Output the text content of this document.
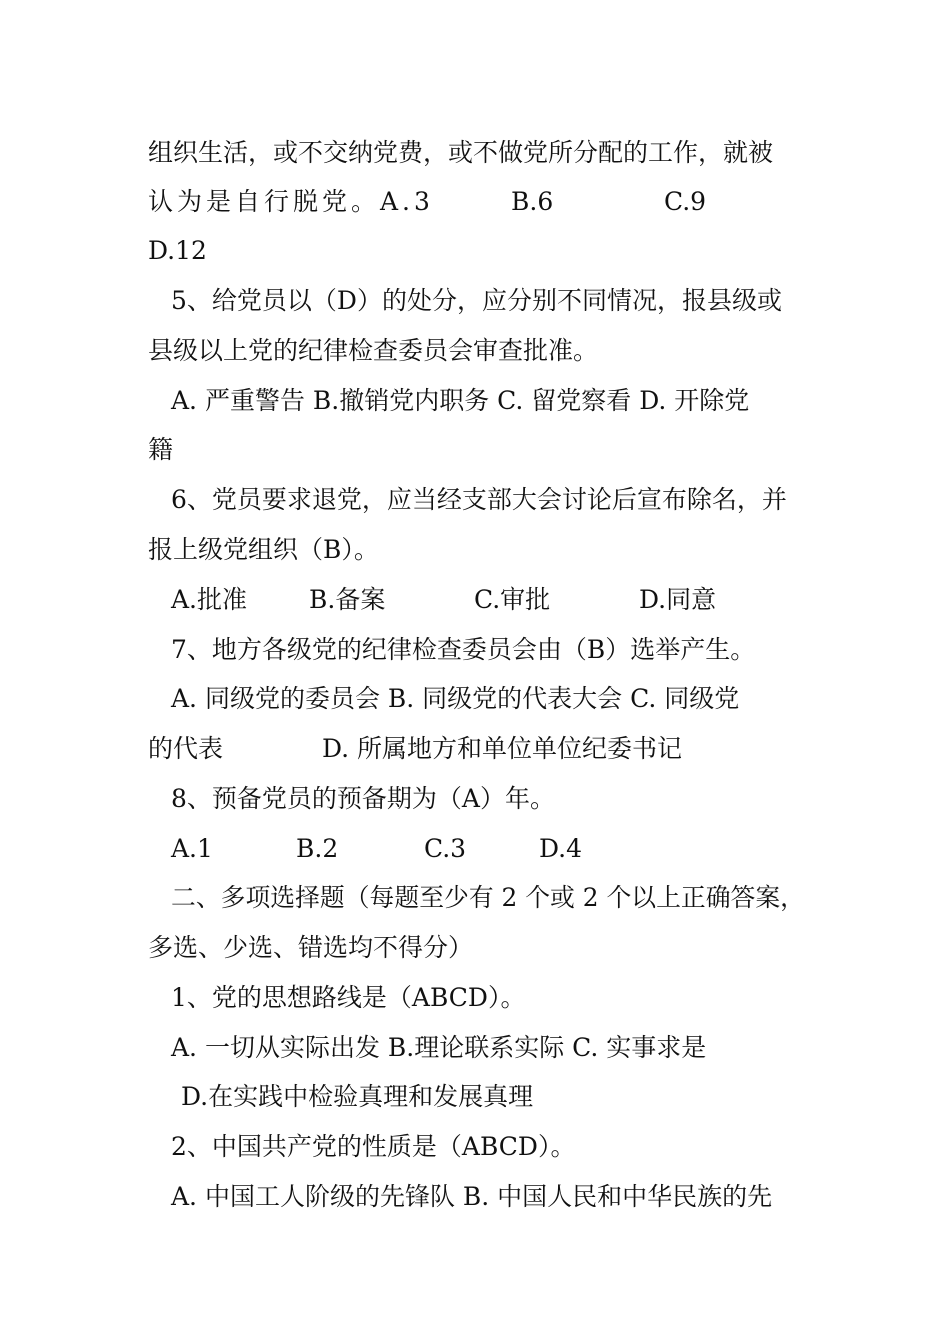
组织生活，或不交纳党费，或不做党所分配的工作，就被
认为是自行脱党。A.3	B.6	C.9
D.12
5、给党员以（D）的处分，应分别不同情况，报县级或
县级以上党的纪律检查委员会审查批准。
A. 严重警告 B.撤销党内职务 C. 留党察看 D. 开除党
籍
6、党员要求退党，应当经支部大会讨论后宣布除名，并
报上级党组织（B）。
A.批准 B.备案	C.审批	D.同意
7、地方各级党的纪律检查委员会由（B）选举产生。
A. 同级党的委员会 B. 同级党的代表大会 C. 同级党
的代表	D. 所属地方和单位单位纪委书记
8、预备党员的预备期为（A）年。
A.1	B.2	C.3	D.4
二、多项选择题（每题至少有 2 个或 2 个以上正确答案，
多选、少选、错选均不得分）
1、党的思想路线是（ABCD）。
A. 一切从实际出发 B.理论联系实际 C. 实事求是
D.在实践中检验真理和发展真理
2、中国共产党的性质是（ABCD）。
A. 中国工人阶级的先锋队 B. 中国人民和中华民族的先
